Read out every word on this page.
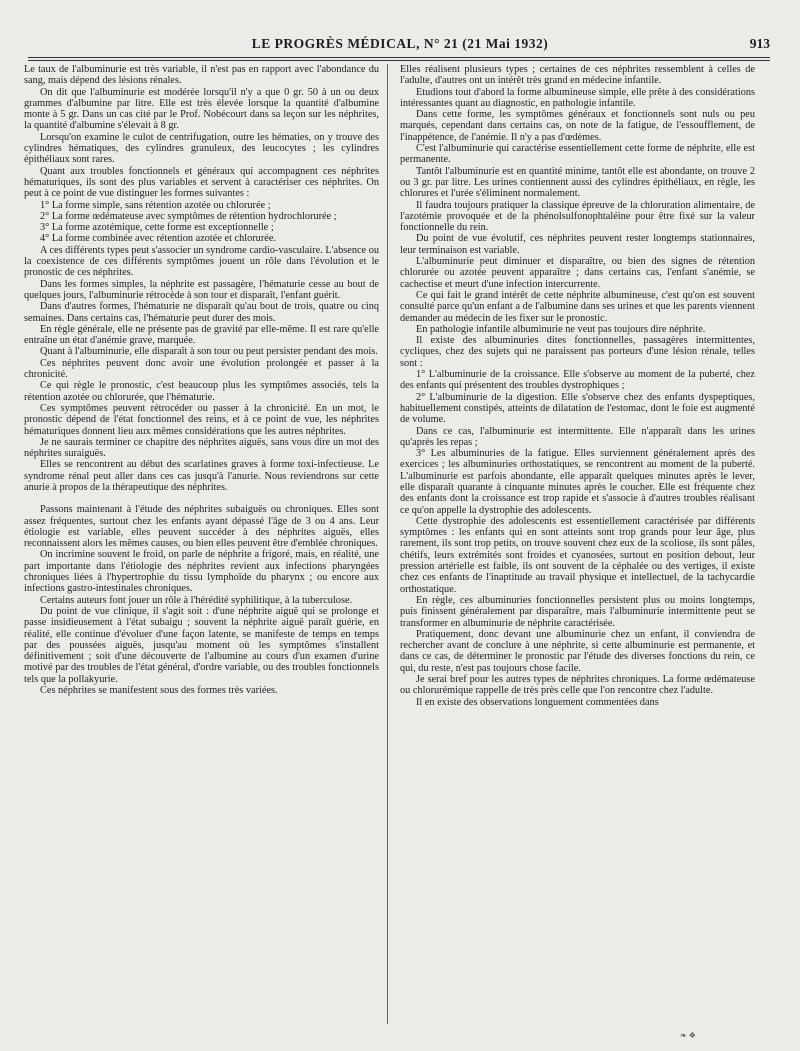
LE PROGRÈS MÉDICAL, N° 21 (21 Mai 1932)	913

Le taux de l'albuminurie est très variable, il n'est pas en rapport avec l'abondance du sang, mais dépend des lésions rénales.

On dit que l'albuminurie est modérée lorsqu'il n'y a que 0 gr. 50 à un ou deux grammes d'albumine par litre. Elle est très élevée lorsque la quantité d'albumine monte à 5 gr. Dans un cas cité par le Prof. Nobécourt dans sa leçon sur les néphrites, la quantité d'albumine s'élevait à 8 gr.

Lorsqu'on examine le culot de centrifugation, outre les hématies, on y trouve des cylindres hématiques, des cylindres granuleux, des leucocytes ; les cylindres épithéliaux sont rares.

Quant aux troubles fonctionnels et généraux qui accompagnent ces néphrites hématuriques, ils sont des plus variables et servent à caractériser ces néphrites. On peut à ce point de vue distinguer les formes suivantes :

1° La forme simple, sans rétention azotée ou chlorurée ;

2° La forme œdémateuse avec symptômes de rétention hydrochlorurée ;

3° La forme azotémique, cette forme est exceptionnelle ;

4° La forme combinée avec rétention azotée et chlorurée.

A ces différents types peut s'associer un syndrome cardio-vasculaire. L'absence ou la coexistence de ces différents symptômes jouent un rôle dans l'évolution et le pronostic de ces néphrites.

Dans les formes simples, la néphrite est passagère, l'hématurie cesse au bout de quelques jours, l'albuminurie rétrocède à son tour et disparaît, l'enfant guérit.

Dans d'autres formes, l'hématurie ne disparaît qu'au bout de trois, quatre ou cinq semaines. Dans certains cas, l'hématurie peut durer des mois.

En règle générale, elle ne présente pas de gravité par elle-même. Il est rare qu'elle entraîne un état d'anémie grave, marquée.

Quant à l'albuminurie, elle disparaît à son tour ou peut persister pendant des mois.

Ces néphrites peuvent donc avoir une évolution prolongée et passer à la chronicité.

Ce qui règle le pronostic, c'est beaucoup plus les symptômes associés, tels la rétention azotée ou chlorurée, que l'hématurie.

Ces symptômes peuvent rétrocéder ou passer à la chronicité. En un mot, le pronostic dépend de l'état fonctionnel des reins, et à ce point de vue, les néphrites hématuriques donnent lieu aux mêmes considérations que les autres néphrites.

Je ne saurais terminer ce chapitre des néphrites aiguës, sans vous dire un mot des néphrites suraiguës.

Elles se rencontrent au début des scarlatines graves à forme toxi-infectieuse. Le syndrome rénal peut aller dans ces cas jusqu'à l'anurie. Nous reviendrons sur cette anurie à propos de la thérapeutique des néphrites.

Passons maintenant à l'étude des néphrites subaiguës ou chroniques. Elles sont assez fréquentes, surtout chez les enfants ayant dépassé l'âge de 3 ou 4 ans. Leur étiologie est variable, elles peuvent succéder à des néphrites aiguës, elles reconnaissent alors les mêmes causes, ou bien elles peuvent être d'emblée chroniques.

On incrimine souvent le froid, on parle de néphrite a frigoré, mais, en réalité, une part importante dans l'étiologie des néphrites revient aux infections pharyngées chroniques liées à l'hypertrophie du tissu lymphoïde du pharynx ; ou encore aux infections gastro-intestinales chroniques.

Certains auteurs font jouer un rôle à l'hérédité syphilitique, à la tuberculose.

Du point de vue clinique, il s'agit soit : d'une néphrite aiguë qui se prolonge et passe insidieusement à l'état subaigu ; souvent la néphrite aiguë paraît guérie, en réalité, elle continue d'évoluer d'une façon latente, se manifeste de temps en temps par des poussées aiguës, jusqu'au moment où les symptômes s'installent définitivement ; soit d'une découverte de l'albumine au cours d'un examen d'urine motivé par des troubles de l'état général, d'ordre variable, ou des troubles fonctionnels tels que la pollakyurie.

Ces néphrites se manifestent sous des formes très variées.

Elles réalisent plusieurs types ; certaines de ces néphrites ressemblent à celles de l'adulte, d'autres ont un intérêt très grand en médecine infantile.

Etudions tout d'abord la forme albumineuse simple, elle prête à des considérations intéressantes quant au diagnostic, en pathologie infantile.

Dans cette forme, les symptômes généraux et fonctionnels sont nuls ou peu marqués, cependant dans certains cas, on note de la fatigue, de l'essoufflement, de l'inappétence, de l'anémie. Il n'y a pas d'œdèmes.

C'est l'albuminurie qui caractérise essentiellement cette forme de néphrite, elle est permanente.

Tantôt l'albuminurie est en quantité minime, tantôt elle est abondante, on trouve 2 ou 3 gr. par litre. Les urines contiennent aussi des cylindres épithéliaux, en règle, les chlorures et l'urée s'éliminent normalement.

Il faudra toujours pratiquer la classique épreuve de la chloruration alimentaire, de l'azotémie provoquée et de la phénolsulfonophtaléine pour être fixé sur la valeur fonctionnelle du rein.

Du point de vue évolutif, ces néphrites peuvent rester longtemps stationnaires, leur terminaison est variable.

L'albuminurie peut diminuer et disparaître, ou bien des signes de rétention chlorurée ou azotée peuvent apparaître ; dans certains cas, l'enfant s'anémie, se cachectise et meurt d'une infection intercurrente.

Ce qui fait le grand intérêt de cette néphrite albumineuse, c'est qu'on est souvent consulté parce qu'un enfant a de l'albumine dans ses urines et que les parents viennent demander au médecin de les fixer sur le pronostic.

En pathologie infantile albuminurie ne veut pas toujours dire néphrite.

Il existe des albuminuries dites fonctionnelles, passagères intermittentes, cycliques, chez des sujets qui ne paraissent pas porteurs d'une lésion rénale, telles sont :

1° L'albuminurie de la croissance. Elle s'observe au moment de la puberté, chez des enfants qui présentent des troubles dystrophiques ;

2° L'albuminurie de la digestion. Elle s'observe chez des enfants dyspeptiques, habituellement constipés, atteints de dilatation de l'estomac, dont le foie est augmenté de volume.

Dans ce cas, l'albuminurie est intermittente. Elle n'apparaît dans les urines qu'après les repas ;

3° Les albuminuries de la fatigue. Elles surviennent généralement après des exercices ; les albuminuries orthostatiques, se rencontrent au moment de la puberté. L'albuminurie est parfois abondante, elle apparaît quelques minutes après le lever, elle disparaît quarante à cinquante minutes après le coucher. Elle est fréquente chez des enfants dont la croissance est trop rapide et s'associe à d'autres troubles réalisant ce qu'on appelle la dystrophie des adolescents.

Cette dystrophie des adolescents est essentiellement caractérisée par différents symptômes : les enfants qui en sont atteints sont trop grands pour leur âge, plus rarement, ils sont trop petits, on trouve souvent chez eux de la scoliose, ils sont pâles, chétifs, leurs extrémités sont froides et cyanosées, surtout en position debout, leur pression artérielle est faible, ils ont souvent de la céphalée ou des vertiges, il existe chez ces enfants de l'inaptitude au travail physique et intellectuel, de la tachycardie orthostatique.

En règle, ces albuminuries fonctionnelles persistent plus ou moins longtemps, puis finissent généralement par disparaître, mais l'albuminurie intermittente peut se transformer en albuminurie de néphrite caractérisée.

Pratiquement, donc devant une albuminurie chez un enfant, il conviendra de rechercher avant de conclure à une néphrite, si cette albuminurie est permanente, et dans ce cas, de déterminer le pronostic par l'étude des diverses fonctions du rein, ce qui, du reste, n'est pas toujours chose facile.

Je serai bref pour les autres types de néphrites chroniques. La forme œdémateuse ou chlorurémique rappelle de très près celle que l'on rencontre chez l'adulte.

Il en existe des observations longuement commentées dans

❧ ❖
